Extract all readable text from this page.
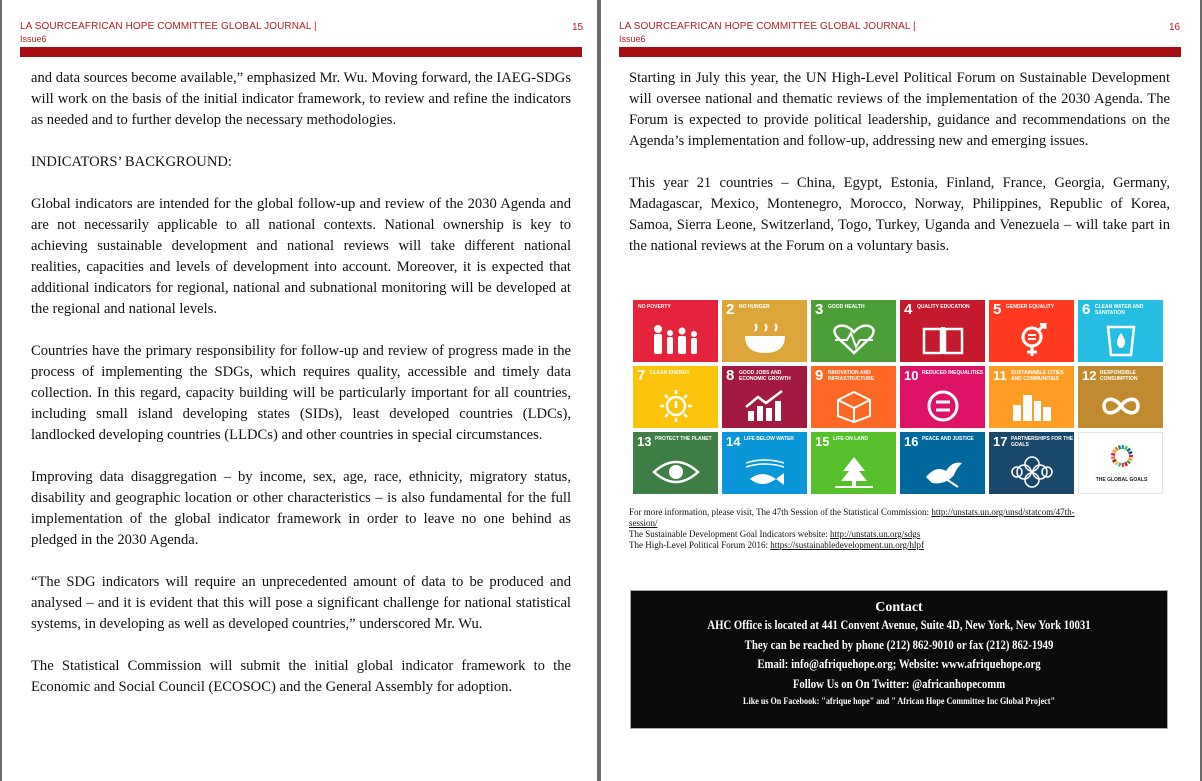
LA SOURCEAFRICAN HOPE COMMITTEE GLOBAL JOURNAL |
Issue6
15

and data sources become available,” emphasized Mr. Wu. Moving forward, the IAEG-SDGs will work on the basis of the initial indicator framework, to review and refine the indicators as needed and to further develop the necessary methodologies.

INDICATORS’ BACKGROUND:

Global indicators are intended for the global follow-up and review of the 2030 Agenda and are not necessarily applicable to all national contexts. National ownership is key to achieving sustainable development and national reviews will take different national realities, capacities and levels of development into account. Moreover, it is expected that additional indicators for regional, national and subnational monitoring will be developed at the regional and national levels.

Countries have the primary responsibility for follow-up and review of progress made in the process of implementing the SDGs, which requires quality, accessible and timely data collection. In this regard, capacity building will be particularly important for all countries, including small island developing states (SIDs), least developed countries (LDCs), landlocked developing countries (LLDCs) and other countries in special circumstances.

Improving data disaggregation – by income, sex, age, race, ethnicity, migratory status, disability and geographic location or other characteristics – is also fundamental for the full implementation of the global indicator framework in order to leave no one behind as pledged in the 2030 Agenda.

“The SDG indicators will require an unprecedented amount of data to be produced and analysed – and it is evident that this will pose a significant challenge for national statistical systems, in developing as well as developed countries,” underscored Mr. Wu.

The Statistical Commission will submit the initial global indicator framework to the Economic and Social Council (ECOSOC) and the General Assembly for adoption.

LA SOURCEAFRICAN HOPE COMMITTEE GLOBAL JOURNAL |
Issue6
16

Starting in July this year, the UN High-Level Political Forum on Sustainable Development will oversee national and thematic reviews of the implementation of the 2030 Agenda. The Forum is expected to provide political leadership, guidance and recommendations on the Agenda’s implementation and follow-up, addressing new and emerging issues.

This year 21 countries – China, Egypt, Estonia, Finland, France, Georgia, Germany, Madagascar, Mexico, Montenegro, Morocco, Norway, Philippines, Republic of Korea, Samoa, Sierra Leone, Switzerland, Togo, Turkey, Uganda and Venezuela – will take part in the national reviews at the Forum on a voluntary basis.

NO POVERTY	2 NO HUNGER	3 GOOD HEALTH	4 QUALITY EDUCATION	5 GENDER EQUALITY	6 CLEAN WATER AND SANITATION
7 CLEAN ENERGY	8 GOOD JOBS AND ECONOMIC GROWTH	9 INNOVATION AND INFRASTRUCTURE	10 REDUCED INEQUALITIES 11 SUSTAINABLE CITIES AND COMMUNITIES	12 RESPONSIBLE CONSUMPTION
13 PROTECT THE PLANET	14 LIFE BELOW WATER	15 LIFE ON LAND	16 PEACE AND JUSTICE	17 PARTNERSHIPS FOR THE GOALS
THE GLOBAL GOALS
For more information, please visit, The 47th Session of the Statistical Commission: http://unstats.un.org/unsd/statcom/47th-
session/
The Sustainable Development Goal Indicators website: http://unstats.un.org/sdgs
The High-Level Political Forum 2016: https://sustainabledevelopment.un.org/hlpf
Contact
AHC Office is located at 441 Convent Avenue, Suite 4D, New York, New York 10031
They can be reached by phone (212) 862-9010 or fax (212) 862-1949
Email: info@afriquehope.org; Website: www.afriquehope.org
Follow Us on On Twitter: @africanhopecomm
Like us On Facebook: "afrique hope" and " African Hope Committee Inc Global Project"
